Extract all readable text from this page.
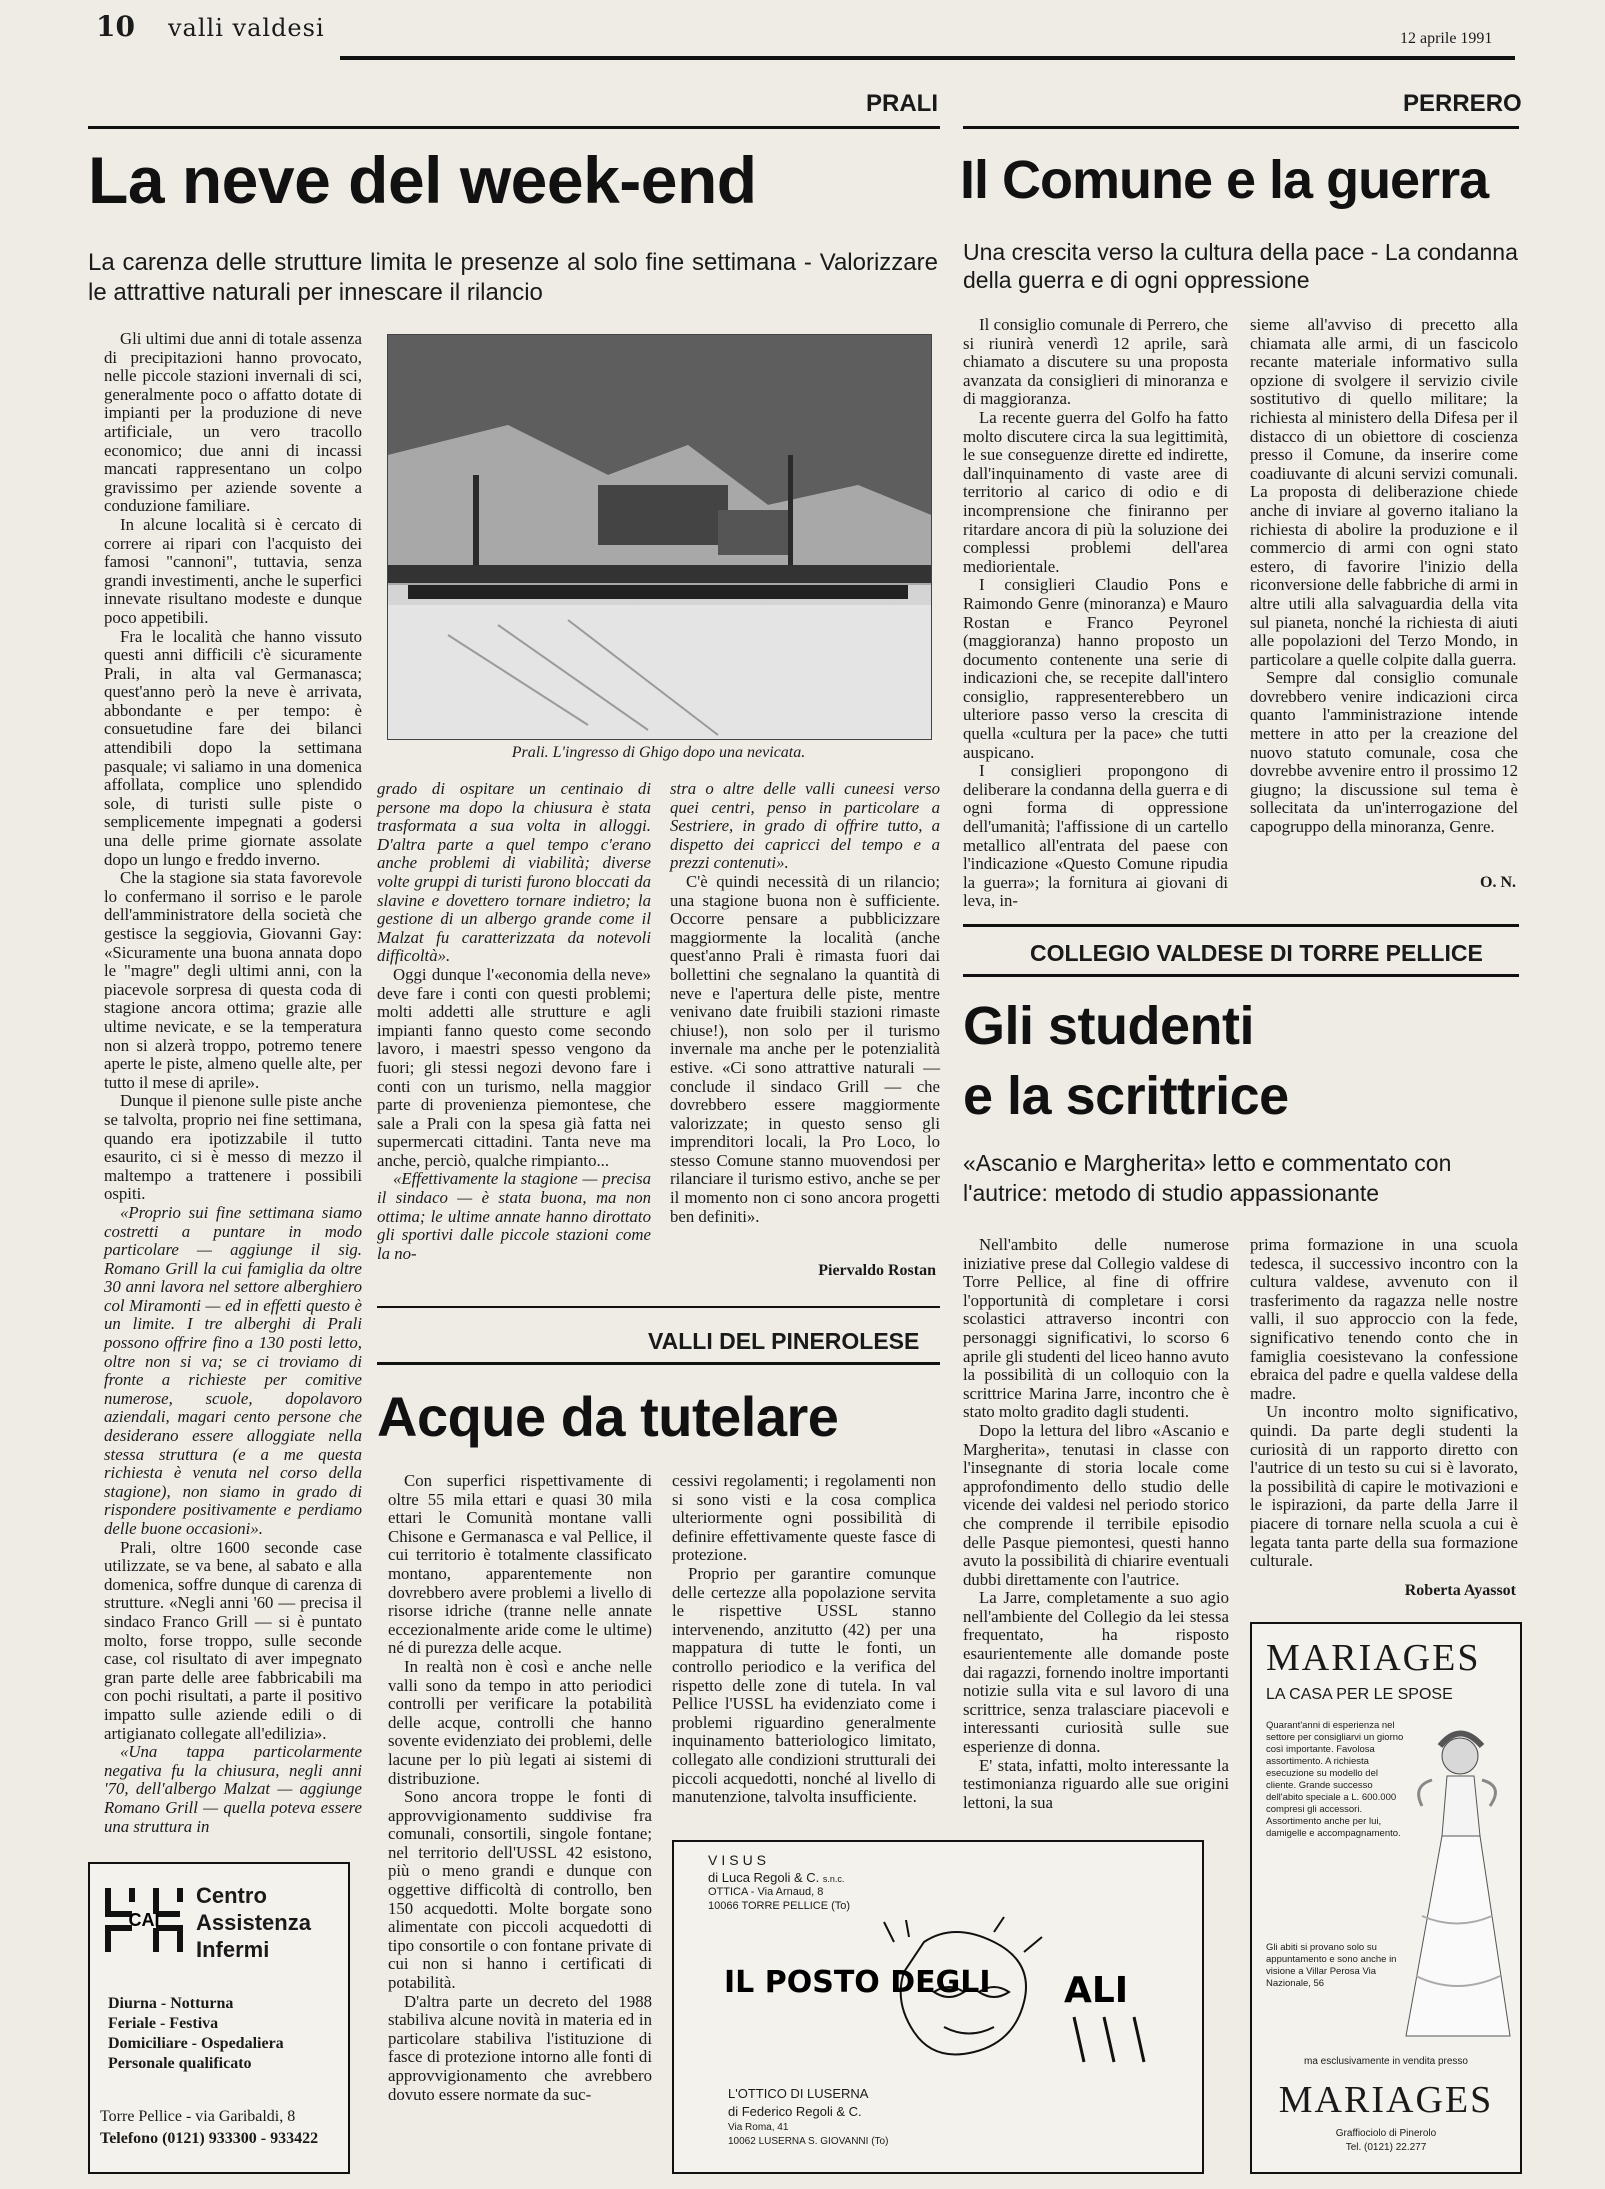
10 valli valdesi	12 aprile 1991
PRALI
La neve del week-end
La carenza delle strutture limita le presenze al solo fine settimana - Valorizzare le attrattive naturali per innescare il rilancio

Gli ultimi due anni di totale assenza di precipitazioni hanno provocato, nelle piccole stazioni invernali di sci, generalmente poco o affatto dotate di impianti per la produzione di neve artificiale, un vero tracollo economico; due anni di incassi mancati rappresentano un colpo gravissimo per aziende sovente a conduzione familiare.

In alcune località si è cercato di correre ai ripari con l'acquisto dei famosi "cannoni", tuttavia, senza grandi investimenti, anche le superfici innevate risultano modeste e dunque poco appetibili.

Fra le località che hanno vissuto questi anni difficili c'è sicuramente Prali, in alta val Germanasca; quest'anno però la neve è arrivata, abbondante e per tempo: è consuetudine fare dei bilanci attendibili dopo la settimana pasquale; vi saliamo in una domenica affollata, complice uno splendido sole, di turisti sulle piste o semplicemente impegnati a godersi una delle prime giornate assolate dopo un lungo e freddo inverno.

Che la stagione sia stata favorevole lo confermano il sorriso e le parole dell'amministratore della società che gestisce la seggiovia, Giovanni Gay: «Sicuramente una buona annata dopo le "magre" degli ultimi anni, con la piacevole sorpresa di questa coda di stagione ancora ottima; grazie alle ultime nevicate, e se la temperatura non si alzerà troppo, potremo tenere aperte le piste, almeno quelle alte, per tutto il mese di aprile».

Dunque il pienone sulle piste anche se talvolta, proprio nei fine settimana, quando era ipotizzabile il tutto esaurito, ci si è messo di mezzo il maltempo a trattenere i possibili ospiti.

«Proprio sui fine settimana siamo costretti a puntare in modo particolare — aggiunge il sig. Romano Grill la cui famiglia da oltre 30 anni lavora nel settore alberghiero col Miramonti — ed in effetti questo è un limite. I tre alberghi di Prali possono offrire fino a 130 posti letto, oltre non si va; se ci troviamo di fronte a richieste per comitive numerose, scuole, dopolavoro aziendali, magari cento persone che desiderano essere alloggiate nella stessa struttura (e a me questa richiesta è venuta nel corso della stagione), non siamo in grado di rispondere positivamente e perdiamo delle buone occasioni».

Prali, oltre 1600 seconde case utilizzate, se va bene, al sabato e alla domenica, soffre dunque di carenza di strutture. «Negli anni '60 — precisa il sindaco Franco Grill — si è puntato molto, forse troppo, sulle seconde case, col risultato di aver impegnato gran parte delle aree fabbricabili ma con pochi risultati, a parte il positivo impatto sulle aziende edili o di artigianato collegate all'edilizia».

«Una tappa particolarmente negativa fu la chiusura, negli anni '70, dell'albergo Malzat — aggiunge Romano Grill — quella poteva essere una struttura in

Prali. L'ingresso di Ghigo dopo una nevicata.

grado di ospitare un centinaio di persone ma dopo la chiusura è stata trasformata a sua volta in alloggi. D'altra parte a quel tempo c'erano anche problemi di viabilità; diverse volte gruppi di turisti furono bloccati da slavine e dovettero tornare indietro; la gestione di un albergo grande come il Malzat fu caratterizzata da notevoli difficoltà».

Oggi dunque l'«economia della neve» deve fare i conti con questi problemi; molti addetti alle strutture e agli impianti fanno questo come secondo lavoro, i maestri spesso vengono da fuori; gli stessi negozi devono fare i conti con un turismo, nella maggior parte di provenienza piemontese, che sale a Prali con la spesa già fatta nei supermercati cittadini. Tanta neve ma anche, perciò, qualche rimpianto...

«Effettivamente la stagione — precisa il sindaco — è stata buona, ma non ottima; le ultime annate hanno dirottato gli sportivi dalle piccole stazioni come la no-

stra o altre delle valli cuneesi verso quei centri, penso in particolare a Sestriere, in grado di offrire tutto, a dispetto dei capricci del tempo e a prezzi contenuti».

C'è quindi necessità di un rilancio; una stagione buona non è sufficiente. Occorre pensare a pubblicizzare maggiormente la località (anche quest'anno Prali è rimasta fuori dai bollettini che segnalano la quantità di neve e l'apertura delle piste, mentre venivano date fruibili stazioni rimaste chiuse!), non solo per il turismo invernale ma anche per le potenzialità estive. «Ci sono attrattive naturali — conclude il sindaco Grill — che dovrebbero essere maggiormente valorizzate; in questo senso gli imprenditori locali, la Pro Loco, lo stesso Comune stanno muovendosi per rilanciare il turismo estivo, anche se per il momento non ci sono ancora progetti ben definiti».

Piervaldo Rostan
VALLI DEL PINEROLESE
Acque da tutelare

Con superfici rispettivamente di oltre 55 mila ettari e quasi 30 mila ettari le Comunità montane valli Chisone e Germanasca e val Pellice, il cui territorio è totalmente classificato montano, apparentemente non dovrebbero avere problemi a livello di risorse idriche (tranne nelle annate eccezionalmente aride come le ultime) né di purezza delle acque.

In realtà non è così e anche nelle valli sono da tempo in atto periodici controlli per verificare la potabilità delle acque, controlli che hanno sovente evidenziato dei problemi, delle lacune per lo più legati ai sistemi di distribuzione.

Sono ancora troppe le fonti di approvvigionamento suddivise fra comunali, consortili, singole fontane; nel territorio dell'USSL 42 esistono, più o meno grandi e dunque con oggettive difficoltà di controllo, ben 150 acquedotti. Molte borgate sono alimentate con piccoli acquedotti di tipo consortile o con fontane private di cui non si hanno i certificati di potabilità.

D'altra parte un decreto del 1988 stabiliva alcune novità in materia ed in particolare stabiliva l'istituzione di fasce di protezione intorno alle fonti di approvvigionamento che avrebbero dovuto essere normate da suc-

cessivi regolamenti; i regolamenti non si sono visti e la cosa complica ulteriormente ogni possibilità di definire effettivamente queste fasce di protezione.

Proprio per garantire comunque delle certezze alla popolazione servita le rispettive USSL stanno intervenendo, anzitutto (42) per una mappatura di tutte le fonti, un controllo periodico e la verifica del rispetto delle zone di tutela. In val Pellice l'USSL ha evidenziato come i problemi riguardino generalmente inquinamento batteriologico limitato, collegato alle condizioni strutturali dei piccoli acquedotti, nonché al livello di manutenzione, talvolta insufficiente.

CAI
Centro
Assistenza
Infermi
Diurna - Notturna
Feriale - Festiva
Domiciliare - Ospedaliera
Personale qualificato
Torre Pellice - via Garibaldi, 8
Telefono (0121) 933300 - 933422
VISUS
di Luca Regoli & C. s.n.c.
OTTICA - Via Arnaud, 8
10066 TORRE PELLICE (To)
IL POSTO DEGLI ALI
L'OTTICO DI LUSERNA
di Federico Regoli & C.
Via Roma, 41
10062 LUSERNA S. GIOVANNI (To)
PERRERO
Il Comune e la guerra
Una crescita verso la cultura della pace - La condanna della guerra e di ogni oppressione

Il consiglio comunale di Perrero, che si riunirà venerdì 12 aprile, sarà chiamato a discutere su una proposta avanzata da consiglieri di minoranza e di maggioranza.

La recente guerra del Golfo ha fatto molto discutere circa la sua legittimità, le sue conseguenze dirette ed indirette, dall'inquinamento di vaste aree di territorio al carico di odio e di incomprensione che finiranno per ritardare ancora di più la soluzione dei complessi problemi dell'area mediorientale.

I consiglieri Claudio Pons e Raimondo Genre (minoranza) e Mauro Rostan e Franco Peyronel (maggioranza) hanno proposto un documento contenente una serie di indicazioni che, se recepite dall'intero consiglio, rappresenterebbero un ulteriore passo verso la crescita di quella «cultura per la pace» che tutti auspicano.

I consiglieri propongono di deliberare la condanna della guerra e di ogni forma di oppressione dell'umanità; l'affissione di un cartello metallico all'entrata del paese con l'indicazione «Questo Comune ripudia la guerra»; la fornitura ai giovani di leva, in-

sieme all'avviso di precetto alla chiamata alle armi, di un fascicolo recante materiale informativo sulla opzione di svolgere il servizio civile sostitutivo di quello militare; la richiesta al ministero della Difesa per il distacco di un obiettore di coscienza presso il Comune, da inserire come coadiuvante di alcuni servizi comunali. La proposta di deliberazione chiede anche di inviare al governo italiano la richiesta di abolire la produzione e il commercio di armi con ogni stato estero, di favorire l'inizio della riconversione delle fabbriche di armi in altre utili alla salvaguardia della vita sul pianeta, nonché la richiesta di aiuti alle popolazioni del Terzo Mondo, in particolare a quelle colpite dalla guerra.

Sempre dal consiglio comunale dovrebbero venire indicazioni circa quanto l'amministrazione intende mettere in atto per la creazione del nuovo statuto comunale, cosa che dovrebbe avvenire entro il prossimo 12 giugno; la discussione sul tema è sollecitata da un'interrogazione del capogruppo della minoranza, Genre.

O. N.
COLLEGIO VALDESE DI TORRE PELLICE
Gli studenti
e la scrittrice
«Ascanio e Margherita» letto e commentato con l'autrice: metodo di studio appassionante

Nell'ambito delle numerose iniziative prese dal Collegio valdese di Torre Pellice, al fine di offrire l'opportunità di completare i corsi scolastici attraverso incontri con personaggi significativi, lo scorso 6 aprile gli studenti del liceo hanno avuto la possibilità di un colloquio con la scrittrice Marina Jarre, incontro che è stato molto gradito dagli studenti.

Dopo la lettura del libro «Ascanio e Margherita», tenutasi in classe con l'insegnante di storia locale come approfondimento dello studio delle vicende dei valdesi nel periodo storico che comprende il terribile episodio delle Pasque piemontesi, questi hanno avuto la possibilità di chiarire eventuali dubbi direttamente con l'autrice.

La Jarre, completamente a suo agio nell'ambiente del Collegio da lei stessa frequentato, ha risposto esaurientemente alle domande poste dai ragazzi, fornendo inoltre importanti notizie sulla vita e sul lavoro di una scrittrice, senza tralasciare piacevoli e interessanti curiosità sulle sue esperienze di donna.

E' stata, infatti, molto interessante la testimonianza riguardo alle sue origini lettoni, la sua

prima formazione in una scuola tedesca, il successivo incontro con la cultura valdese, avvenuto con il trasferimento da ragazza nelle nostre valli, il suo approccio con la fede, significativo tenendo conto che in famiglia coesistevano la confessione ebraica del padre e quella valdese della madre.

Un incontro molto significativo, quindi. Da parte degli studenti la curiosità di un rapporto diretto con l'autrice di un testo su cui si è lavorato, la possibilità di capire le motivazioni e le ispirazioni, da parte della Jarre il piacere di tornare nella scuola a cui è legata tanta parte della sua formazione culturale.

Roberta Ayassot
MARIAGES
LA CASA PER LE SPOSE
Quarant'anni di esperienza nel settore per consigliarvi un giorno così importante. Favolosa assortimento. A richiesta esecuzione su modello del cliente. Grande successo dell'abito speciale a L. 600.000 compresi gli accessori. Assortimento anche per lui, damigelle e accompagnamento.
Gli abiti si provano solo su appuntamento e sono anche in visione a Villar Perosa Via Nazionale, 56
ma esclusivamente in vendita presso
MARIAGES
Graffiociolo di Pinerolo
Tel. (0121) 22.277
